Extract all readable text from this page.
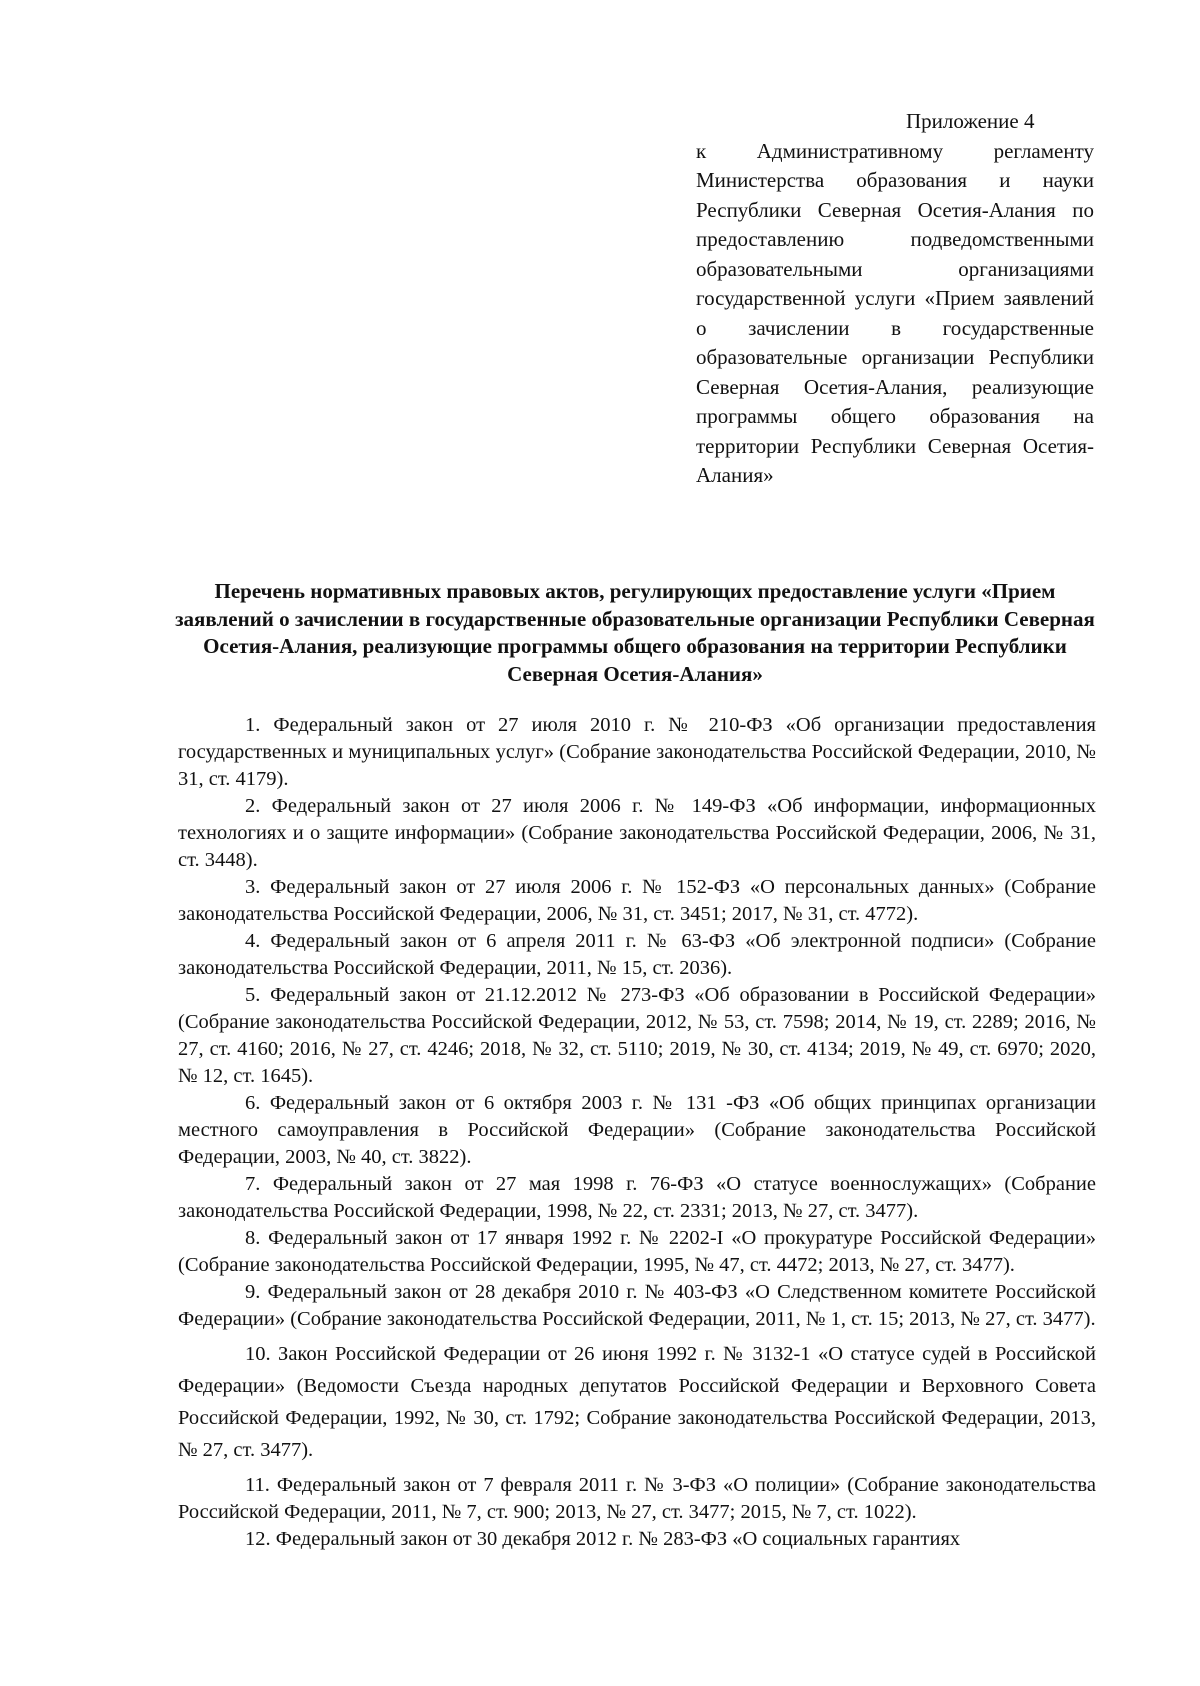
Приложение 4

к Административному регламенту Министерства образования и науки Республики Северная Осетия-Алания по предоставлению подведомственными образовательными организациями государственной услуги «Прием заявлений о зачислении в государственные образовательные организации Республики Северная Осетия-Алания, реализующие программы общего образования на территории Республики Северная Осетия-Алания»

Перечень нормативных правовых актов, регулирующих предоставление услуги «Прием заявлений о зачислении в государственные образовательные организации Республики Северная Осетия-Алания, реализующие программы общего образования на территории Республики Северная Осетия-Алания»

1. Федеральный закон от 27 июля 2010 г. № 210-ФЗ «Об организации предоставления государственных и муниципальных услуг» (Собрание законодательства Российской Федерации, 2010, № 31, ст. 4179).

2. Федеральный закон от 27 июля 2006 г. № 149-ФЗ «Об информации, информационных технологиях и о защите информации» (Собрание законодательства Российской Федерации, 2006, № 31, ст. 3448).

3. Федеральный закон от 27 июля 2006 г. № 152-ФЗ «О персональных данных» (Собрание законодательства Российской Федерации, 2006, № 31, ст. 3451; 2017, № 31, ст. 4772).

4. Федеральный закон от 6 апреля 2011 г. № 63-ФЗ «Об электронной подписи» (Собрание законодательства Российской Федерации, 2011, № 15, ст. 2036).

5. Федеральный закон от 21.12.2012 № 273-ФЗ «Об образовании в Российской Федерации» (Собрание законодательства Российской Федерации, 2012, № 53, ст. 7598; 2014, № 19, ст. 2289; 2016, № 27, ст. 4160; 2016, № 27, ст. 4246; 2018, № 32, ст. 5110; 2019, № 30, ст. 4134; 2019, № 49, ст. 6970; 2020, № 12, ст. 1645).

6. Федеральный закон от 6 октября 2003 г. № 131 -ФЗ «Об общих принципах организации местного самоуправления в Российской Федерации» (Собрание законодательства Российской Федерации, 2003, № 40, ст. 3822).

7. Федеральный закон от 27 мая 1998 г. 76-ФЗ «О статусе военнослужащих» (Собрание законодательства Российской Федерации, 1998, № 22, ст. 2331; 2013, № 27, ст. 3477).

8. Федеральный закон от 17 января 1992 г. № 2202-I «О прокуратуре Российской Федерации» (Собрание законодательства Российской Федерации, 1995, № 47, ст. 4472; 2013, № 27, ст. 3477).

9. Федеральный закон от 28 декабря 2010 г. № 403-ФЗ «О Следственном комитете Российской Федерации» (Собрание законодательства Российской Федерации, 2011, № 1, ст. 15; 2013, № 27, ст. 3477).

10. Закон Российской Федерации от 26 июня 1992 г. № 3132-1 «О статусе судей в Российской Федерации» (Ведомости Съезда народных депутатов Российской Федерации и Верховного Совета Российской Федерации, 1992, № 30, ст. 1792; Собрание законодательства Российской Федерации, 2013, № 27, ст. 3477).

11. Федеральный закон от 7 февраля 2011 г. № 3-ФЗ «О полиции» (Собрание законодательства Российской Федерации, 2011, № 7, ст. 900; 2013, № 27, ст. 3477; 2015, № 7, ст. 1022).

12. Федеральный закон от 30 декабря 2012 г. № 283-ФЗ «О социальных гарантиях
